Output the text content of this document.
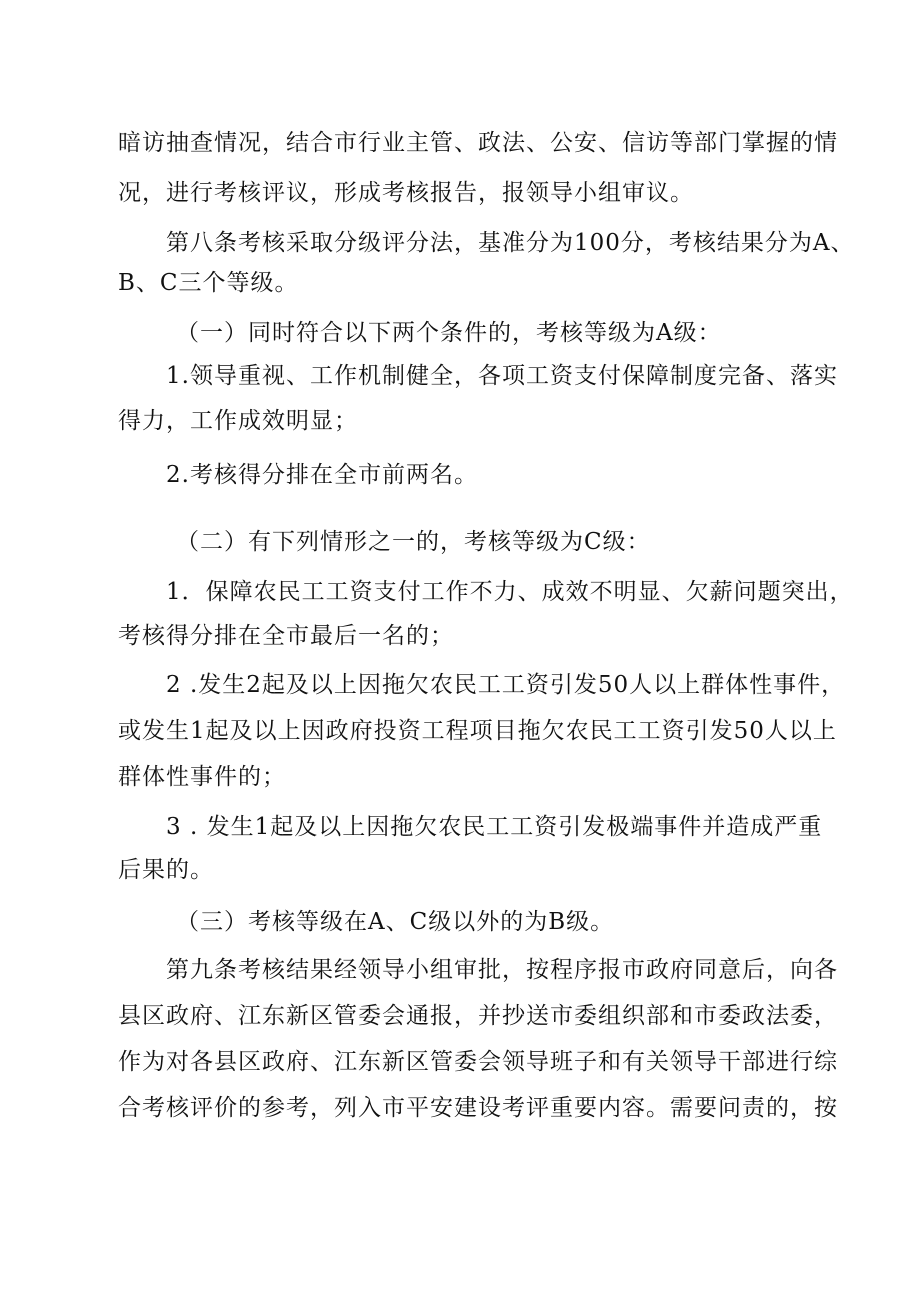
暗访抽查情况，结合市行业主管、政法、公安、信访等部门掌握的情
况，进行考核评议，形成考核报告，报领导小组审议。
第八条考核采取分级评分法，基准分为100分，考核结果分为A、
B、C三个等级。
（一）同时符合以下两个条件的，考核等级为A级：
1.领导重视、工作机制健全，各项工资支付保障制度完备、落实
得力，工作成效明显；
2.考核得分排在全市前两名。
（二）有下列情形之一的，考核等级为C级：
1．保障农民工工资支付工作不力、成效不明显、欠薪问题突出，
考核得分排在全市最后一名的；
2 .发生2起及以上因拖欠农民工工资引发50人以上群体性事件，
或发生1起及以上因政府投资工程项目拖欠农民工工资引发50人以上
群体性事件的；
3 . 发生1起及以上因拖欠农民工工资引发极端事件并造成严重
后果的。
（三）考核等级在A、C级以外的为B级。
第九条考核结果经领导小组审批，按程序报市政府同意后，向各
县区政府、江东新区管委会通报，并抄送市委组织部和市委政法委，
作为对各县区政府、江东新区管委会领导班子和有关领导干部进行综
合考核评价的参考，列入市平安建设考评重要内容。需要问责的，按
